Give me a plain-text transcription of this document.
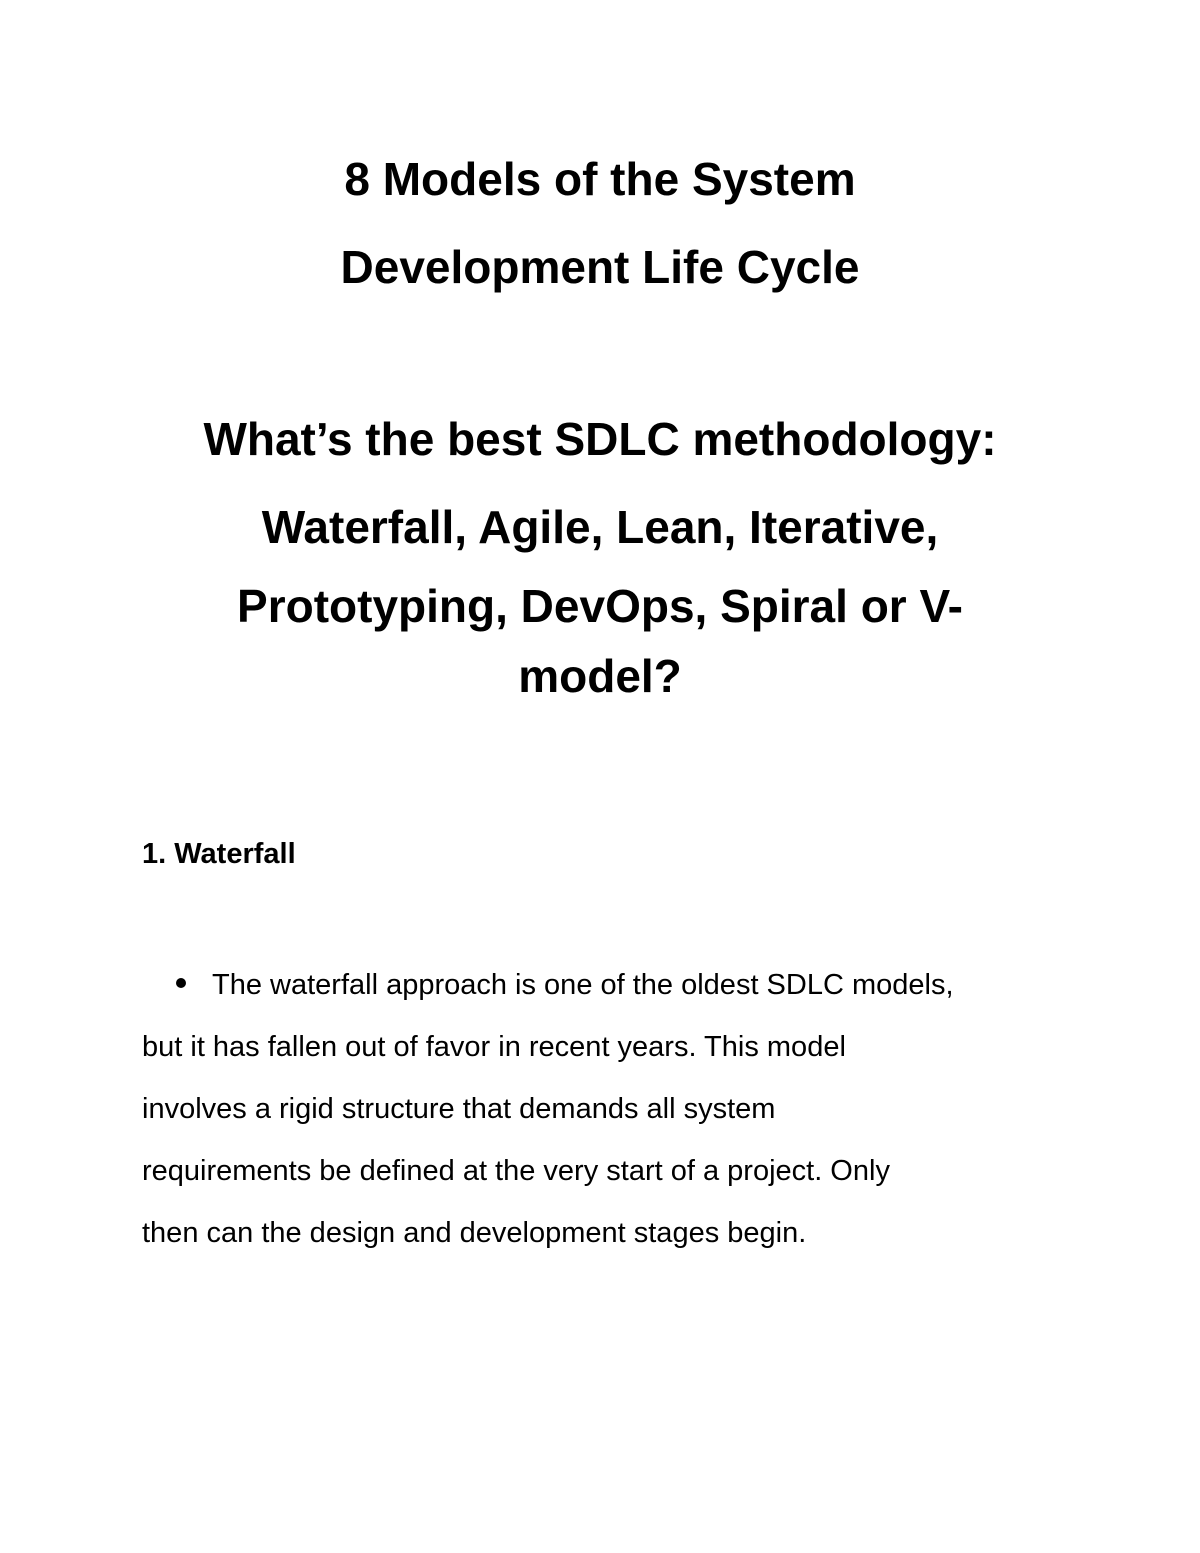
8 Models of the System
Development Life Cycle
What’s the best SDLC methodology:
Waterfall, Agile, Lean, Iterative,
Prototyping, DevOps, Spiral or V-
model?
1. Waterfall
The waterfall approach is one of the oldest SDLC models,
but it has fallen out of favor in recent years. This model
involves a rigid structure that demands all system
requirements be defined at the very start of a project. Only
then can the design and development stages begin.
